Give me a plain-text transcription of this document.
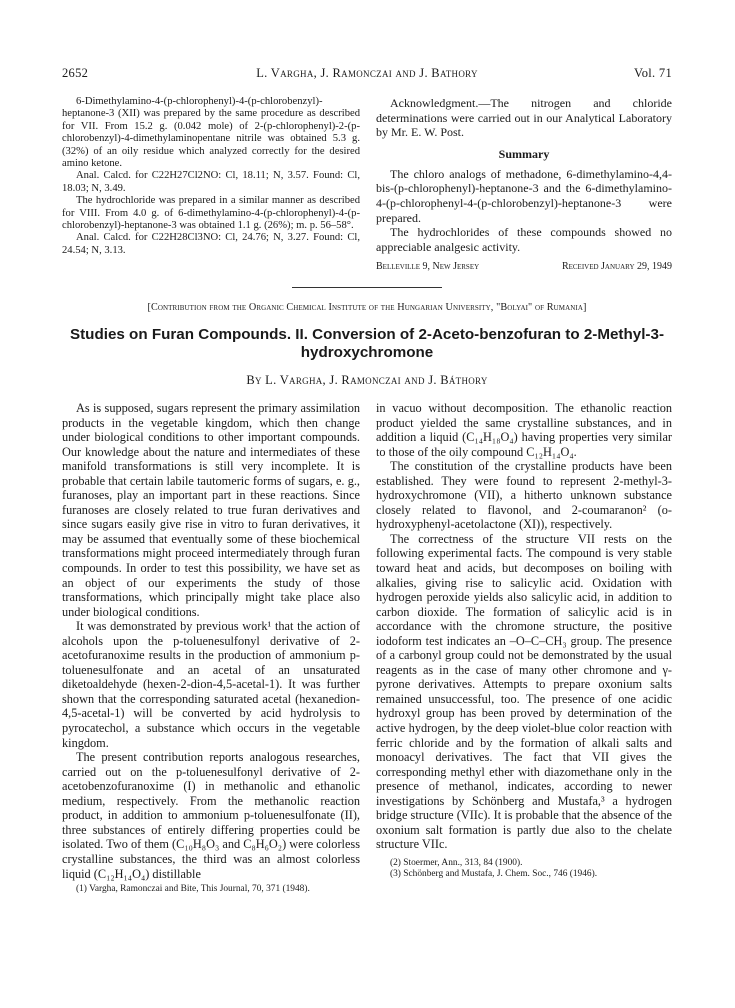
2652	L. Vargha, J. Ramonczai and J. Bathory	Vol. 71

6-Dimethylamino-4-(p-chlorophenyl)-4-(p-chlorobenzyl)-heptanone-3 (XII) was prepared by the same procedure as described for VII. From 15.2 g. (0.042 mole) of 2-(p-chlorophenyl)-2-(p-chlorobenzyl)-4-dimethylaminopentane nitrile was obtained 5.3 g. (32%) of an oily residue which analyzed correctly for the desired amino ketone.

Anal. Calcd. for C22H27Cl2NO: Cl, 18.11; N, 3.57. Found: Cl, 18.03; N, 3.49.

The hydrochloride was prepared in a similar manner as described for VIII. From 4.0 g. of 6-dimethylamino-4-(p-chlorophenyl)-4-(p-chlorobenzyl)-heptanone-3 was obtained 1.1 g. (26%); m. p. 56–58°.

Anal. Calcd. for C22H28Cl3NO: Cl, 24.76; N, 3.27. Found: Cl, 24.54; N, 3.13.

Acknowledgment.—The nitrogen and chloride determinations were carried out in our Analytical Laboratory by Mr. E. W. Post.

Summary

The chloro analogs of methadone, 6-dimethylamino-4,4-bis-(p-chlorophenyl)-heptanone-3 and the 6-dimethylamino-4-(p-chlorophenyl-4-(p-chlorobenzyl)-heptanone-3 were prepared.

The hydrochlorides of these compounds showed no appreciable analgesic activity.

Belleville 9, New Jersey	Received January 29, 1949
[Contribution from the Organic Chemical Institute of the Hungarian University, "Bolyai" of Rumania]
Studies on Furan Compounds. II. Conversion of 2-Aceto-benzofuran to 2-Methyl-3-hydroxychromone
By L. Vargha, J. Ramonczai and J. Báthory

As is supposed, sugars represent the primary assimilation products in the vegetable kingdom, which then change under biological conditions to other important compounds. Our knowledge about the nature and intermediates of these manifold transformations is still very incomplete. It is probable that certain labile tautomeric forms of sugars, e. g., furanoses, play an important part in these reactions. Since furanoses are closely related to true furan derivatives and since sugars easily give rise in vitro to furan derivatives, it may be assumed that eventually some of these biochemical transformations might proceed intermediately through furan compounds. In order to test this possibility, we have set as an object of our experiments the study of those transformations, which principally might take place also under biological conditions.

It was demonstrated by previous work¹ that the action of alcohols upon the p-toluenesulfonyl derivative of 2-acetofuranoxime results in the production of ammonium p-toluenesulfonate and an acetal of an unsaturated diketoaldehyde (hexen-2-dion-4,5-acetal-1). It was further shown that the corresponding saturated acetal (hexanedion-4,5-acetal-1) will be converted by acid hydrolysis to pyrocatechol, a substance which occurs in the vegetable kingdom.

The present contribution reports analogous researches, carried out on the p-toluenesulfonyl derivative of 2-acetobenzofuranoxime (I) in methanolic and ethanolic medium, respectively. From the methanolic reaction product, in addition to ammonium p-toluenesulfonate (II), three substances of entirely differing properties could be isolated. Two of them (C₁₀H₈O₃ and C₈H₆O₂) were colorless crystalline substances, the third was an almost colorless liquid (C₁₂H₁₄O₄) distillable

(1) Vargha, Ramonczai and Bite, This Journal, 70, 371 (1948).

in vacuo without decomposition. The ethanolic reaction product yielded the same crystalline substances, and in addition a liquid (C₁₄H₁₈O₄) having properties very similar to those of the oily compound C₁₂H₁₄O₄.

The constitution of the crystalline products have been established. They were found to represent 2-methyl-3-hydroxychromone (VII), a hitherto unknown substance closely related to flavonol, and 2-coumaranon² (o-hydroxyphenyl-acetolactone (XI)), respectively.

The correctness of the structure VII rests on the following experimental facts. The compound is very stable toward heat and acids, but decomposes on boiling with alkalies, giving rise to salicylic acid. Oxidation with hydrogen peroxide yields also salicylic acid, in addition to carbon dioxide. The formation of salicylic acid is in accordance with the chromone structure, the positive iodoform test indicates an –O–C–CH₃ group. The presence of a carbonyl group could not be demonstrated by the usual reagents as in the case of many other chromone and γ-pyrone derivatives. Attempts to prepare oxonium salts remained unsuccessful, too. The presence of one acidic hydroxyl group has been proved by determination of the active hydrogen, by the deep violet-blue color reaction with ferric chloride and by the formation of alkali salts and monoacyl derivatives. The fact that VII gives the corresponding methyl ether with diazomethane only in the presence of methanol, indicates, according to newer investigations by Schönberg and Mustafa,³ a hydrogen bridge structure (VIIc). It is probable that the absence of the oxonium salt formation is partly due also to the chelate structure VIIc.

(2) Stoermer, Ann., 313, 84 (1900).
(3) Schönberg and Mustafa, J. Chem. Soc., 746 (1946).
